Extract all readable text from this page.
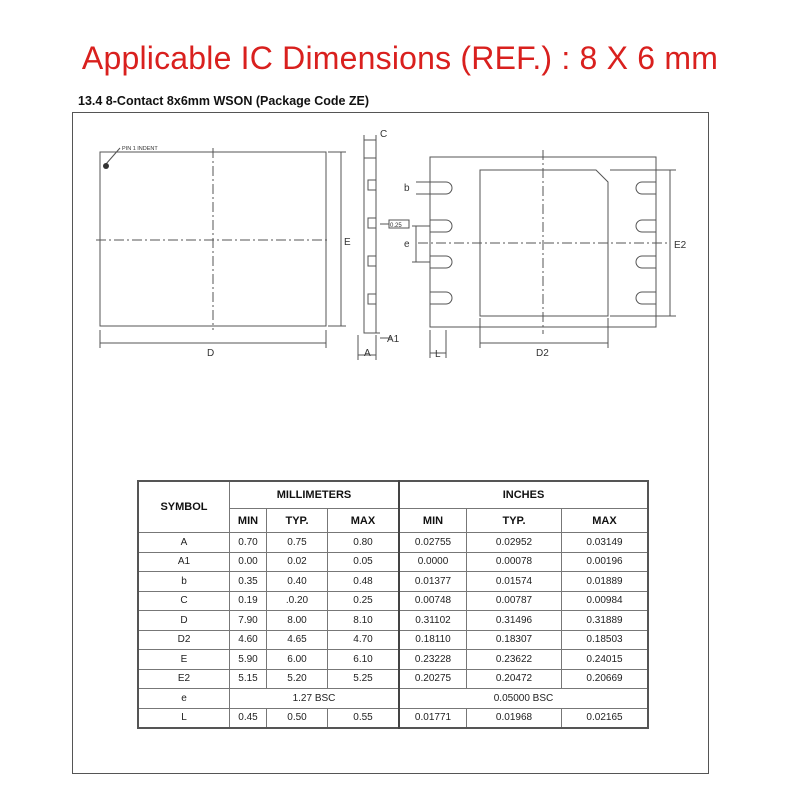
Applicable IC Dimensions (REF.) : 8 X 6 mm
13.4 8-Contact 8x6mm WSON (Package Code ZE)
PIN 1 INDENT
D
E
C
0.25
A1
A
b
e
L	D2
E2
SYMBOL	MILLIMETERS			INCHES		
	MIN	TYP.	MAX	MIN	TYP.	MAX
A	0.70	0.75	0.80	0.02755	0.02952	0.03149
A1	0.00	0.02	0.05	0.0000	0.00078	0.00196
b	0.35	0.40	0.48	0.01377	0.01574	0.01889
C	0.19	.0.20	0.25	0.00748	0.00787	0.00984
D	7.90	8.00	8.10	0.31102	0.31496	0.31889
D2	4.60	4.65	4.70	0.18110	0.18307	0.18503
E	5.90	6.00	6.10	0.23228	0.23622	0.24015
E2	5.15	5.20	5.25	0.20275	0.20472	0.20669
e	1.27 BSC			0.05000 BSC		
L	0.45	0.50	0.55	0.01771	0.01968	0.02165
